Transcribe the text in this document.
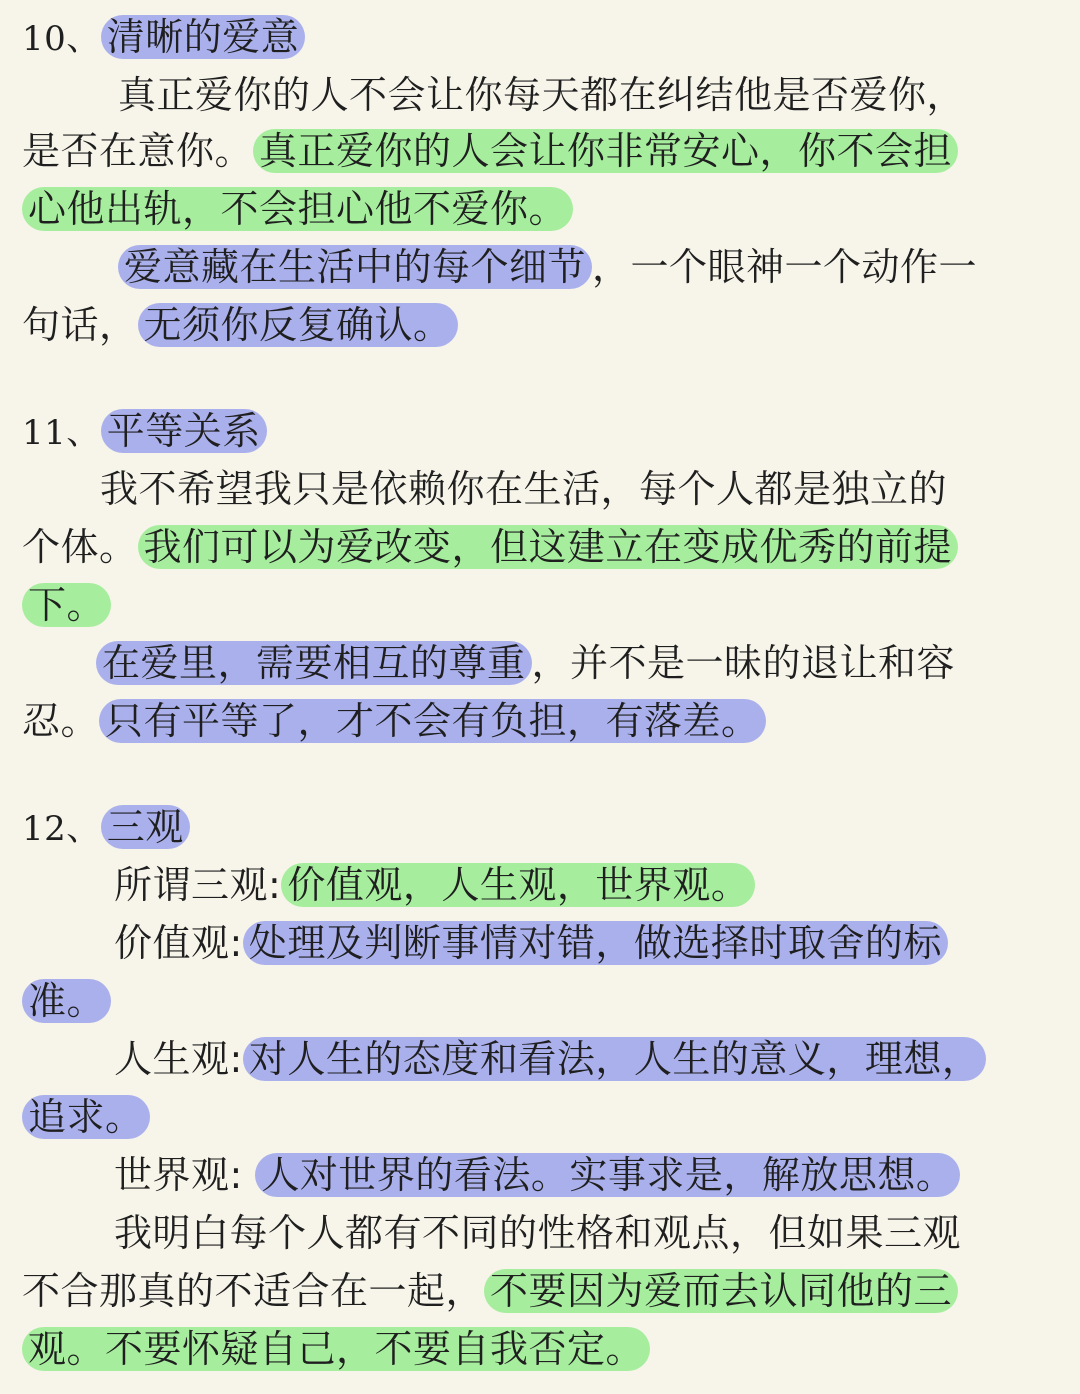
10、 清晰的爱意
真正爱你的人不会让你每天都在纠结他是否爱你，
是否在意你。 真正爱你的人会让你非常安心，你不会担
心他出轨，不会担心他不爱你。
爱意藏在生活中的每个细节 ，一个眼神一个动作一
句话， 无须你反复确认。
11、 平等关系
我不希望我只是依赖你在生活，每个人都是独立的
个体。 我们可以为爱改变，但这建立在变成优秀的前提
下。
在爱里，需要相互的尊重 ，并不是一昧的退让和容
忍。 只有平等了，才不会有负担，有落差。
12、 三观
所谓三观: 价值观，人生观，世界观。
价值观: 处理及判断事情对错，做选择时取舍的标
准。
人生观: 对人生的态度和看法，人生的意义，理想，
追求。
世界观: 人对世界的看法。实事求是，解放思想。
我明白每个人都有不同的性格和观点，但如果三观
不合那真的不适合在一起， 不要因为爱而去认同他的三
观。不要怀疑自己，不要自我否定。
